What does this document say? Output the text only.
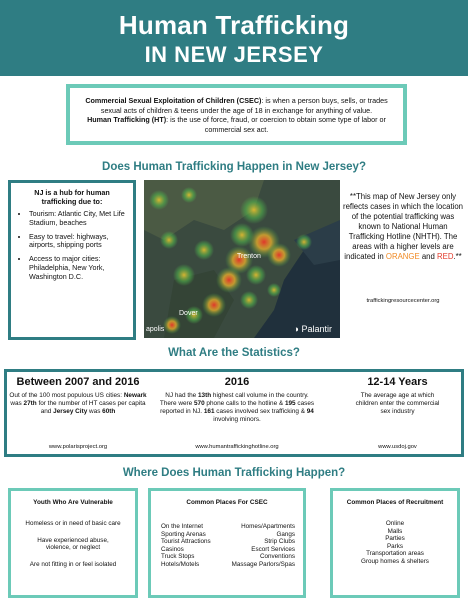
Human Trafficking
IN NEW JERSEY

Commercial Sexual Exploitation of Children (CSEC): is when a person buys, sells, or trades sexual acts of children & teens under the age of 18 in exchange for anything of value.
Human Trafficking (HT): is the use of force, fraud, or coercion to obtain some type of labor or commercial sex act.

Does Human Trafficking Happen in New Jersey?
NJ is a hub for human trafficking due to:
• Tourism: Atlantic City, Met Life Stadium, beaches
• Easy to travel: highways, airports, shipping ports
• Access to major cities: Philadelphia, New York, Washington D.C.
Trenton
Dover
apolis	◑ Palantir
**This map of New Jersey only reflects cases in which the location of the potential trafficking was known to National Human Trafficking Hotline (NHTH). The areas with a higher levels are indicated in ORANGE and RED.**
traffickingresourcecenter.org
What Are the Statistics?
Between 2007 and 2016
Out of the 100 most populous US cities: Newark was 27th for the number of HT cases per capita and Jersey City was 60th
www.polarisproject.org
2016
NJ had the 13th highest call volume in the country. There were 570 phone calls to the hotline & 195 cases reported in NJ. 161 cases involved sex trafficking & 94 involving minors.
www.humantraffickinghotline.org
12-14 Years
The average age at which children enter the commercial sex industry
www.usdoj.gov
Where Does Human Trafficking Happen?
Youth Who Are Vulnerable
Homeless or in need of basic care
Have experienced abuse, violence, or neglect
Are not fitting in or feel isolated
Common Places For CSEC
On the Internet
Sporting Arenas
Tourist Attractions
Casinos
Truck Stops
Hotels/Motels
Homes/Apartments
Gangs
Strip Clubs
Escort Services
Conventions
Massage Parlors/Spas
Common Places of Recruitment
Online
Malls
Parties
Parks
Transportation areas
Group homes & shelters
